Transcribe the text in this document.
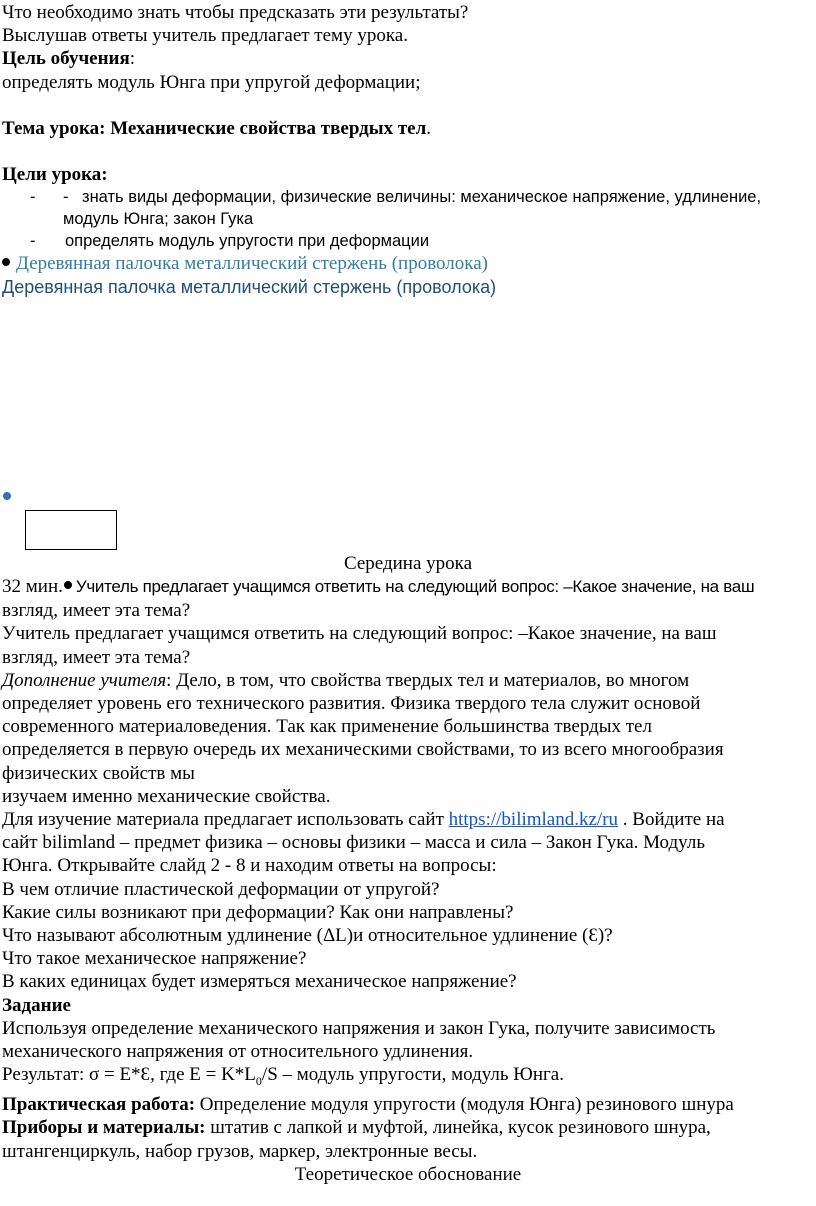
Что необходимо знать чтобы предсказать эти результаты?

Выслушав ответы учитель предлагает тему урока.

Цель обучения:

определять модуль Юнга при упругой деформации;

Тема урока: Механические свойства твердых тел.

Цели урока:

- - знать виды деформации, физические величины: механическое напряжение, удлинение,
модуль Юнга; закон Гука
- определять модуль упругости при деформации

Деревянная палочка металлический стержень (проволока)

Деревянная палочка металлический стержень (проволока)

Середина урока

32 мин. Учитель предлагает учащимся ответить на следующий вопрос: ‒Какое значение, на ваш

взгляд, имеет эта тема?

Учитель предлагает учащимся ответить на следующий вопрос: ‒Какое значение, на ваш

взгляд, имеет эта тема?

Дополнение учителя: Дело, в том, что свойства твердых тел и материалов, во многом

определяет уровень его технического развития. Физика твердого тела служит основой

современного материаловедения. Так как применение большинства твердых тел

определяется в первую очередь их механическими свойствами, то из всего многообразия

физических свойств мы

изучаем именно механические свойства.

Для изучение материала предлагает использовать сайт https://bilimland.kz/ru . Войдите на

сайт bilimland – предмет физика – основы физики – масса и сила – Закон Гука. Модуль

Юнга. Открывайте слайд 2 - 8 и находим ответы на вопросы:

В чем отличие пластической деформации от упругой?

Какие силы возникают при деформации? Как они направлены?

Что называют абсолютным удлинение (ΔL)и относительное удлинение (Ɛ)?

Что такое механическое напряжение?

В каких единицах будет измеряться механическое напряжение?

Задание

Используя определение механического напряжения и закон Гука, получите зависимость

механического напряжения от относительного удлинения.

Результат: σ = E*Ɛ, где $E = K*L_0/S$ – модуль упругости, модуль Юнга.

Практическая работа: Определение модуля упругости (модуля Юнга) резинового шнура

Приборы и материалы: штатив с лапкой и муфтой, линейка, кусок резинового шнура,

штангенциркуль, набор грузов, маркер, электронные весы.

Теоретическое обоснование
